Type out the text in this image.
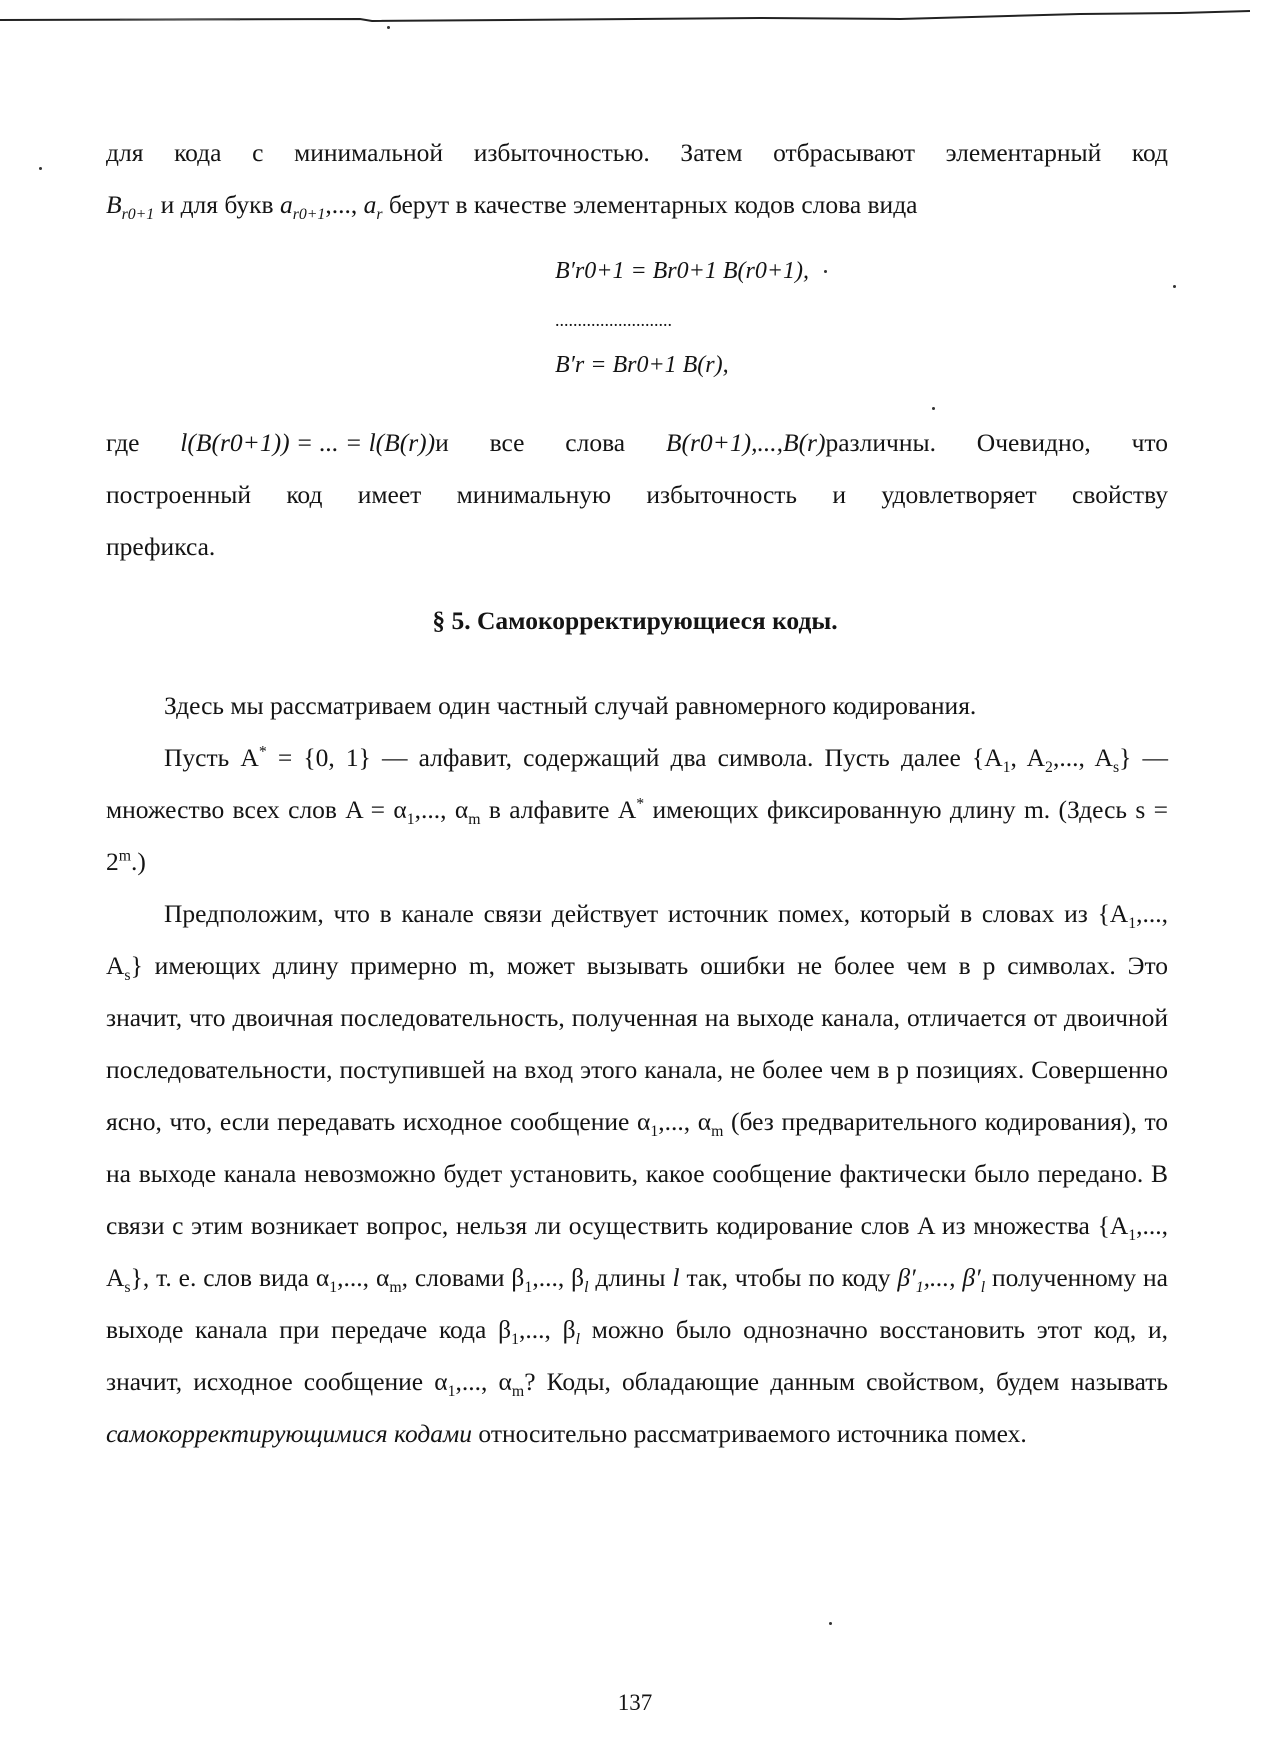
для кода с минимальной избыточностью. Затем отбрасывают элементарный код
$B_{r0+1}$ и для букв $a_{r0+1}$,..., $a_r$ берут в качестве элементарных кодов слова вида
B′r0+1 = Br0+1 B(r0+1),
..........................
B′r = Br0+1 B(r),
где l(B(r0+1)) = ... = l(B(r))и все слова B(r0+1),...,B(r)различны. Очевидно, что
построенный код имеет минимальную избыточность и удовлетворяет свойству
префикса.
§ 5. Самокорректирующиеся коды.

Здесь мы рассматриваем один частный случай равномерного кодирования.

Пусть A* = {0, 1} — алфавит, содержащий два символа. Пусть далее {$A_1$, $A_2$,..., $A_s$} — множество всех слов $A = \alpha_1$,..., $\alpha_m$ в алфавите A* имеющих фиксированную длину m. (Здесь $s = 2^m$.)

Предположим, что в канале связи действует источник помех, который в словах из {$A_1$,..., $A_s$} имеющих длину примерно m, может вызывать ошибки не более чем в p символах. Это значит, что двоичная последовательность, полученная на выходе канала, отличается от двоичной последовательности, поступившей на вход этого канала, не более чем в p позициях. Совершенно ясно, что, если передавать исходное сообщение $\alpha_1$,..., $\alpha_m$ (без предварительного кодирования), то на выходе канала невозможно будет установить, какое сообщение фактически было передано. В связи с этим возникает вопрос, нельзя ли осуществить кодирование слов A из множества {$A_1$,..., $A_s$}, т. е. слов вида $\alpha_1$,..., $\alpha_m$, словами $\beta_1$,..., $\beta_l$ длины l так, чтобы по коду $\beta'_1$,..., $\beta'_l$ полученному на выходе канала при передаче кода $\beta_1$,..., $\beta_l$ можно было однозначно восстановить этот код, и, значит, исходное сообщение $\alpha_1$,..., $\alpha_m$? Коды, обладающие данным свойством, будем называть самокорректирующимися кодами относительно рассматриваемого источника помех.

137
